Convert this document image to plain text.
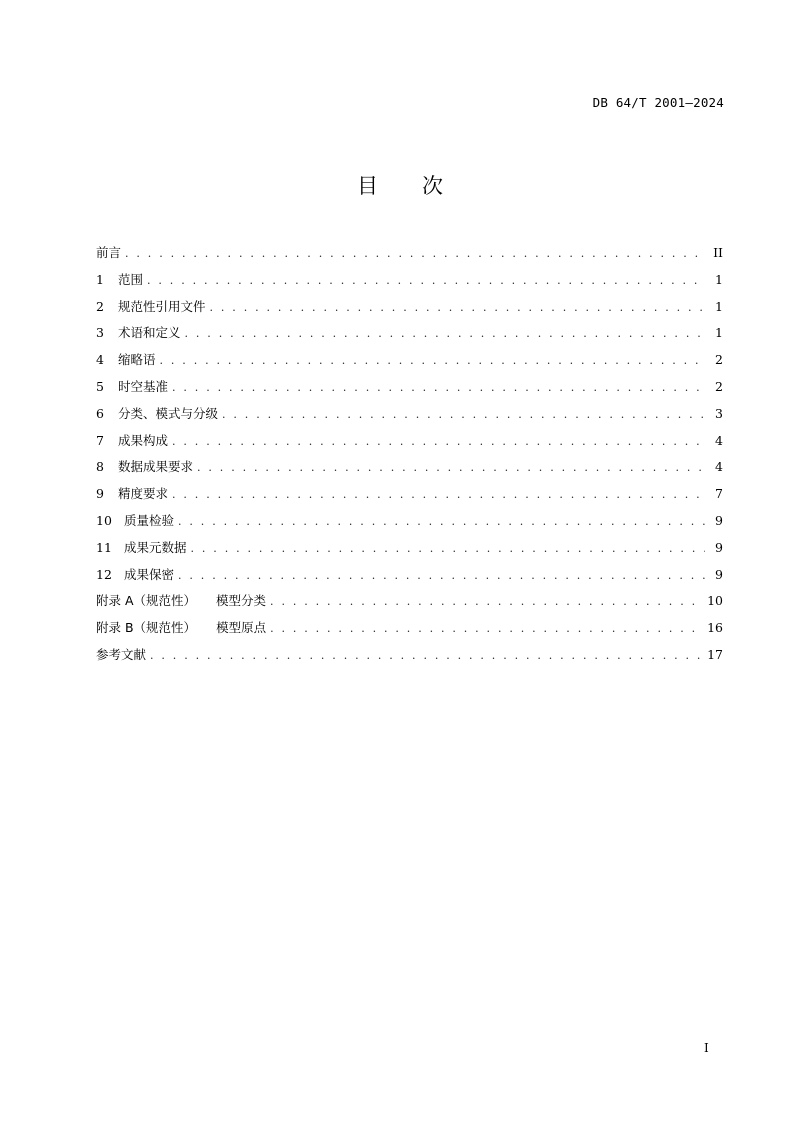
DB 64/T 2001—2024
目 次
前言 . . .	II
1	范围 . . .	1
2	规范性引用文件 . . .	1
3	术语和定义 . . .	1
4	缩略语 . . .	2
5	时空基准 . . .	2
6	分类、模式与分级 . . .	3
7	成果构成 . . .	4
8	数据成果要求 . . .	4
9	精度要求 . . .	7
10 质量检验 . . .	9
11 成果元数据 . . .	9
12 成果保密 . . .	9
附录 A（规范性） 模型分类 . . .	10
附录 B（规范性） 模型原点 . . .	16
参考文献 . . .	17
I
